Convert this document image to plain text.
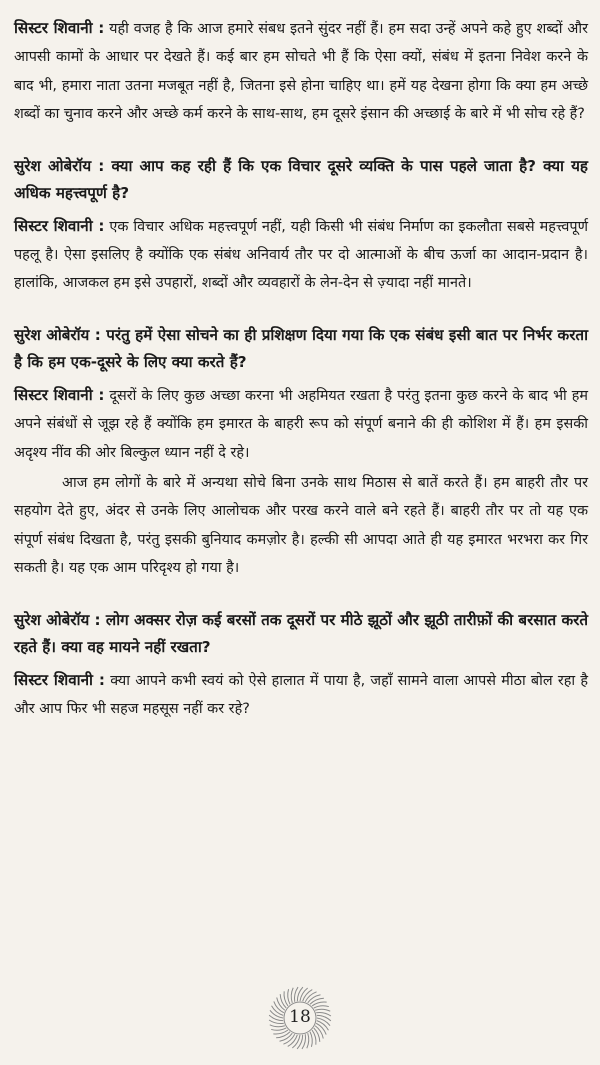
सिस्टर शिवानी : यही वजह है कि आज हमारे संबध इतने सुंदर नहीं हैं। हम सदा उन्हें अपने कहे हुए शब्दों और आपसी कामों के आधार पर देखते हैं। कई बार हम सोचते भी हैं कि ऐसा क्यों, संबंध में इतना निवेश करने के बाद भी, हमारा नाता उतना मजबूत नहीं है, जितना इसे होना चाहिए था। हमें यह देखना होगा कि क्या हम अच्छे शब्दों का चुनाव करने और अच्छे कर्म करने के साथ-साथ, हम दूसरे इंसान की अच्छाई के बारे में भी सोच रहे हैं?

सुरेश ओबेरॉय : क्या आप कह रही हैं कि एक विचार दूसरे व्यक्ति के पास पहले जाता है? क्या यह अधिक महत्त्वपूर्ण है?

सिस्टर शिवानी : एक विचार अधिक महत्त्वपूर्ण नहीं, यही किसी भी संबंध निर्माण का इकलौता सबसे महत्त्वपूर्ण पहलू है। ऐसा इसलिए है क्योंकि एक संबंध अनिवार्य तौर पर दो आत्माओं के बीच ऊर्जा का आदान-प्रदान है। हालांकि, आजकल हम इसे उपहारों, शब्दों और व्यवहारों के लेन-देन से ज़्यादा नहीं मानते।

सुरेश ओबेरॉय : परंतु हमें ऐसा सोचने का ही प्रशिक्षण दिया गया कि एक संबंध इसी बात पर निर्भर करता है कि हम एक-दूसरे के लिए क्या करते हैं?

सिस्टर शिवानी : दूसरों के लिए कुछ अच्छा करना भी अहमियत रखता है परंतु इतना कुछ करने के बाद भी हम अपने संबंधों से जूझ रहे हैं क्योंकि हम इमारत के बाहरी रूप को संपूर्ण बनाने की ही कोशिश में हैं। हम इसकी अदृश्य नींव की ओर बिल्कुल ध्यान नहीं दे रहे।

आज हम लोगों के बारे में अन्यथा सोचे बिना उनके साथ मिठास से बातें करते हैं। हम बाहरी तौर पर सहयोग देते हुए, अंदर से उनके लिए आलोचक और परख करने वाले बने रहते हैं। बाहरी तौर पर तो यह एक संपूर्ण संबंध दिखता है, परंतु इसकी बुनियाद कमज़ोर है। हल्की सी आपदा आते ही यह इमारत भरभरा कर गिर सकती है। यह एक आम परिदृश्य हो गया है।

सुरेश ओबेरॉय : लोग अक्सर रोज़ कई बरसों तक दूसरों पर मीठे झूठों और झूठी तारीफ़ों की बरसात करते रहते हैं। क्या वह मायने नहीं रखता?

सिस्टर शिवानी : क्या आपने कभी स्वयं को ऐसे हालात में पाया है, जहाँ सामने वाला आपसे मीठा बोल रहा है और आप फिर भी सहज महसूस नहीं कर रहे?

18
